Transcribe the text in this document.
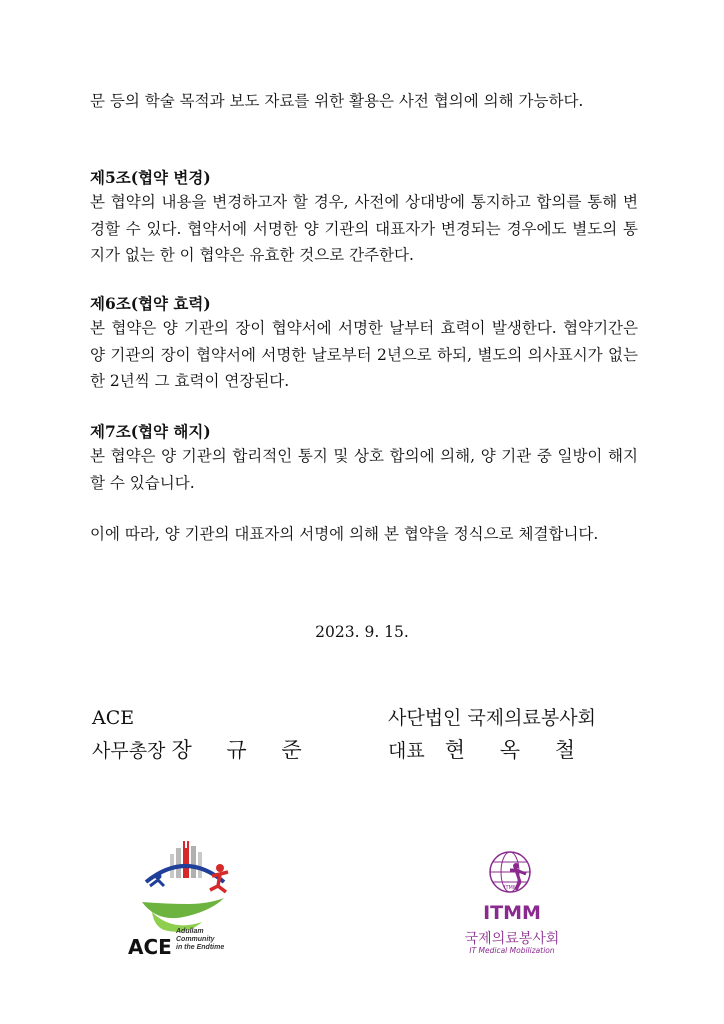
문 등의 학술 목적과 보도 자료를 위한 활용은 사전 협의에 의해 가능하다.

제5조(협약 변경)

본 협약의 내용을 변경하고자 할 경우, 사전에 상대방에 통지하고 합의를 통해 변경할 수 있다. 협약서에 서명한 양 기관의 대표자가 변경되는 경우에도 별도의 통지가 없는 한 이 협약은 유효한 것으로 간주한다.

제6조(협약 효력)

본 협약은 양 기관의 장이 협약서에 서명한 날부터 효력이 발생한다. 협약기간은 양 기관의 장이 협약서에 서명한 날로부터 2년으로 하되, 별도의 의사표시가 없는 한 2년씩 그 효력이 연장된다.

제7조(협약 해지)

본 협약은 양 기관의 합리적인 통지 및 상호 합의에 의해, 양 기관 중 일방이 해지할 수 있습니다.

이에 따라, 양 기관의 대표자의 서명에 의해 본 협약을 정식으로 체결합니다.

2023. 9. 15.
ACE
사무총장 장 규 준
사단법인 국제의료봉사회
대표 현 옥 철
ACE
Adullam
Community
in the Endtime
ITMM
ITMM
국제의료봉사회
IT Medical Mobilization
